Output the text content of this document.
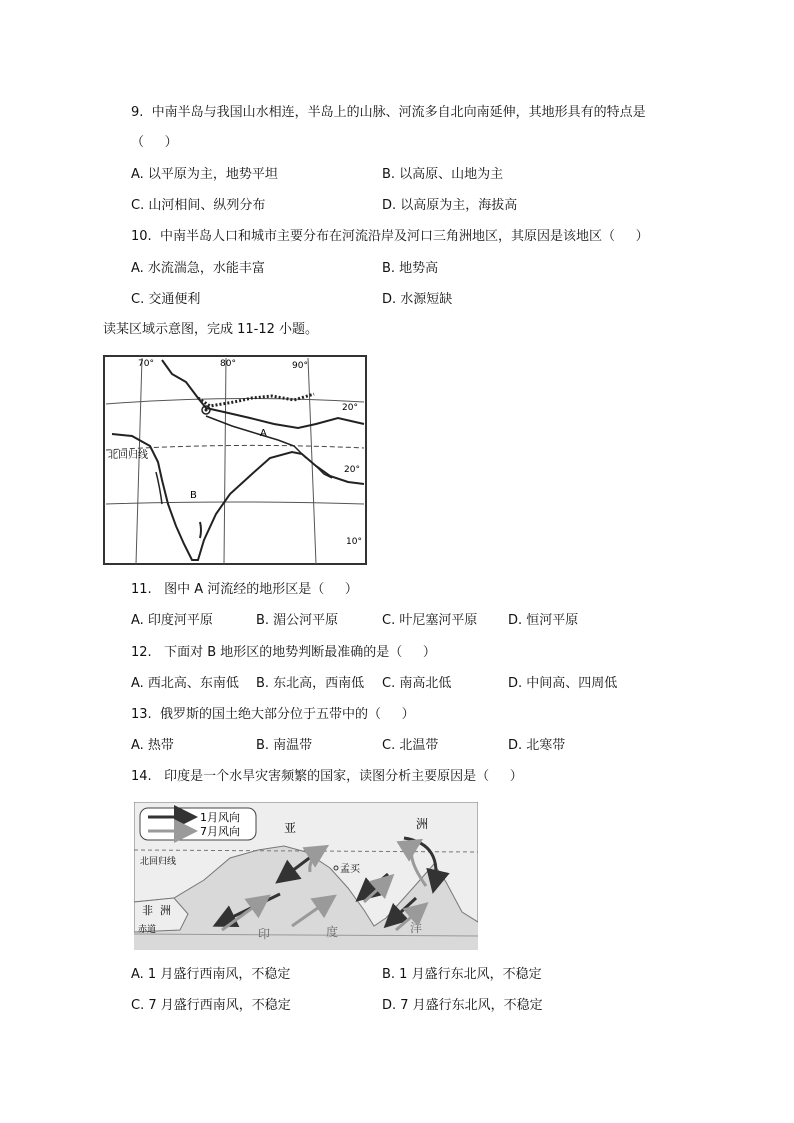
9.  中南半岛与我国山水相连，半岛上的山脉、河流多自北向南延伸，其地形具有的特点是
（     ）
A. 以平原为主，地势平坦	B. 以高原、山地为主
C. 山河相间、纵列分布	D. 以高原为主，海拔高
10.  中南半岛人口和城市主要分布在河流沿岸及河口三角洲地区，其原因是该地区（     ）
A. 水流湍急，水能丰富	B. 地势高
C. 交通便利	D. 水源短缺
读某区域示意图，完成 11-12 小题。
70°	80°	90°
20°
20°
10°
北回归线
A
B
11.   图中 A 河流经的地形区是（     ）
A. 印度河平原	B. 湄公河平原	C. 叶尼塞河平原 D. 恒河平原
12.   下面对 B 地形区的地势判断最准确的是（     ）
A. 西北高、东南低 B. 东北高，西南低 C. 南高北低	D. 中间高、四周低
13.  俄罗斯的国土绝大部分位于五带中的（     ）
A. 热带	B. 南温带	C. 北温带	D. 北寒带
14.   印度是一个水旱灾害频繁的国家，读图分析主要原因是（     ）
1月风向
7月风向	亚	洲
北回归线
非  洲
赤道
孟买
印	度	洋
A. 1 月盛行西南风，不稳定	B. 1 月盛行东北风，不稳定
C. 7 月盛行西南风，不稳定	D. 7 月盛行东北风，不稳定
